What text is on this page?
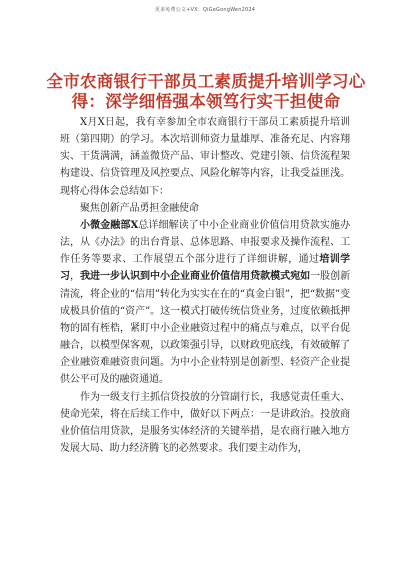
更多免费公文+VX：QiGeGongWen2024
全市农商银行干部员工素质提升培训学习心
得：深学细悟强本领笃行实干担使命

X月X日起，我有幸参加全市农商银行干部员工素质提升培训班（第四期）的学习。本次培训师资力量雄厚、准备充足、内容翔实、干货满满，涵盖微贷产品、审计整改、党建引领、信贷流程架构建设、信贷管理及风控要点、风险化解等内容，让我受益匪浅。现将心得体会总结如下：

聚焦创新产品勇担金融使命

小微金融部X总详细解读了中小企业商业价值信用贷款实施办法，从《办法》的出台背景、总体思路、申报要求及操作流程、工作任务等要求、工作展望五个部分进行了详细讲解，通过培训学习，我进一步认识到中小企业商业价值信用贷款模式宛如一股创新清流，将企业的“信用”转化为实实在在的“真金白银”，把“数据”变成极具价值的“资产”。这一模式打破传统信贷业务，过度依赖抵押物的固有桎梏，紧盯中小企业融资过程中的痛点与难点，以平台促融合，以模型保客观，以政策强引导，以财政兜底线，有效破解了企业融资难融资贵问题。为中小企业特别是创新型、轻资产企业提供公平可及的融资通道。

作为一级支行主抓信贷投放的分管副行长，我感觉责任重大、使命光荣，将在后续工作中，做好以下两点：一是讲政治。投放商业价值信用贷款，是服务实体经济的关键举措，是农商行融入地方发展大局、助力经济腾飞的必然要求。我们要主动作为，
